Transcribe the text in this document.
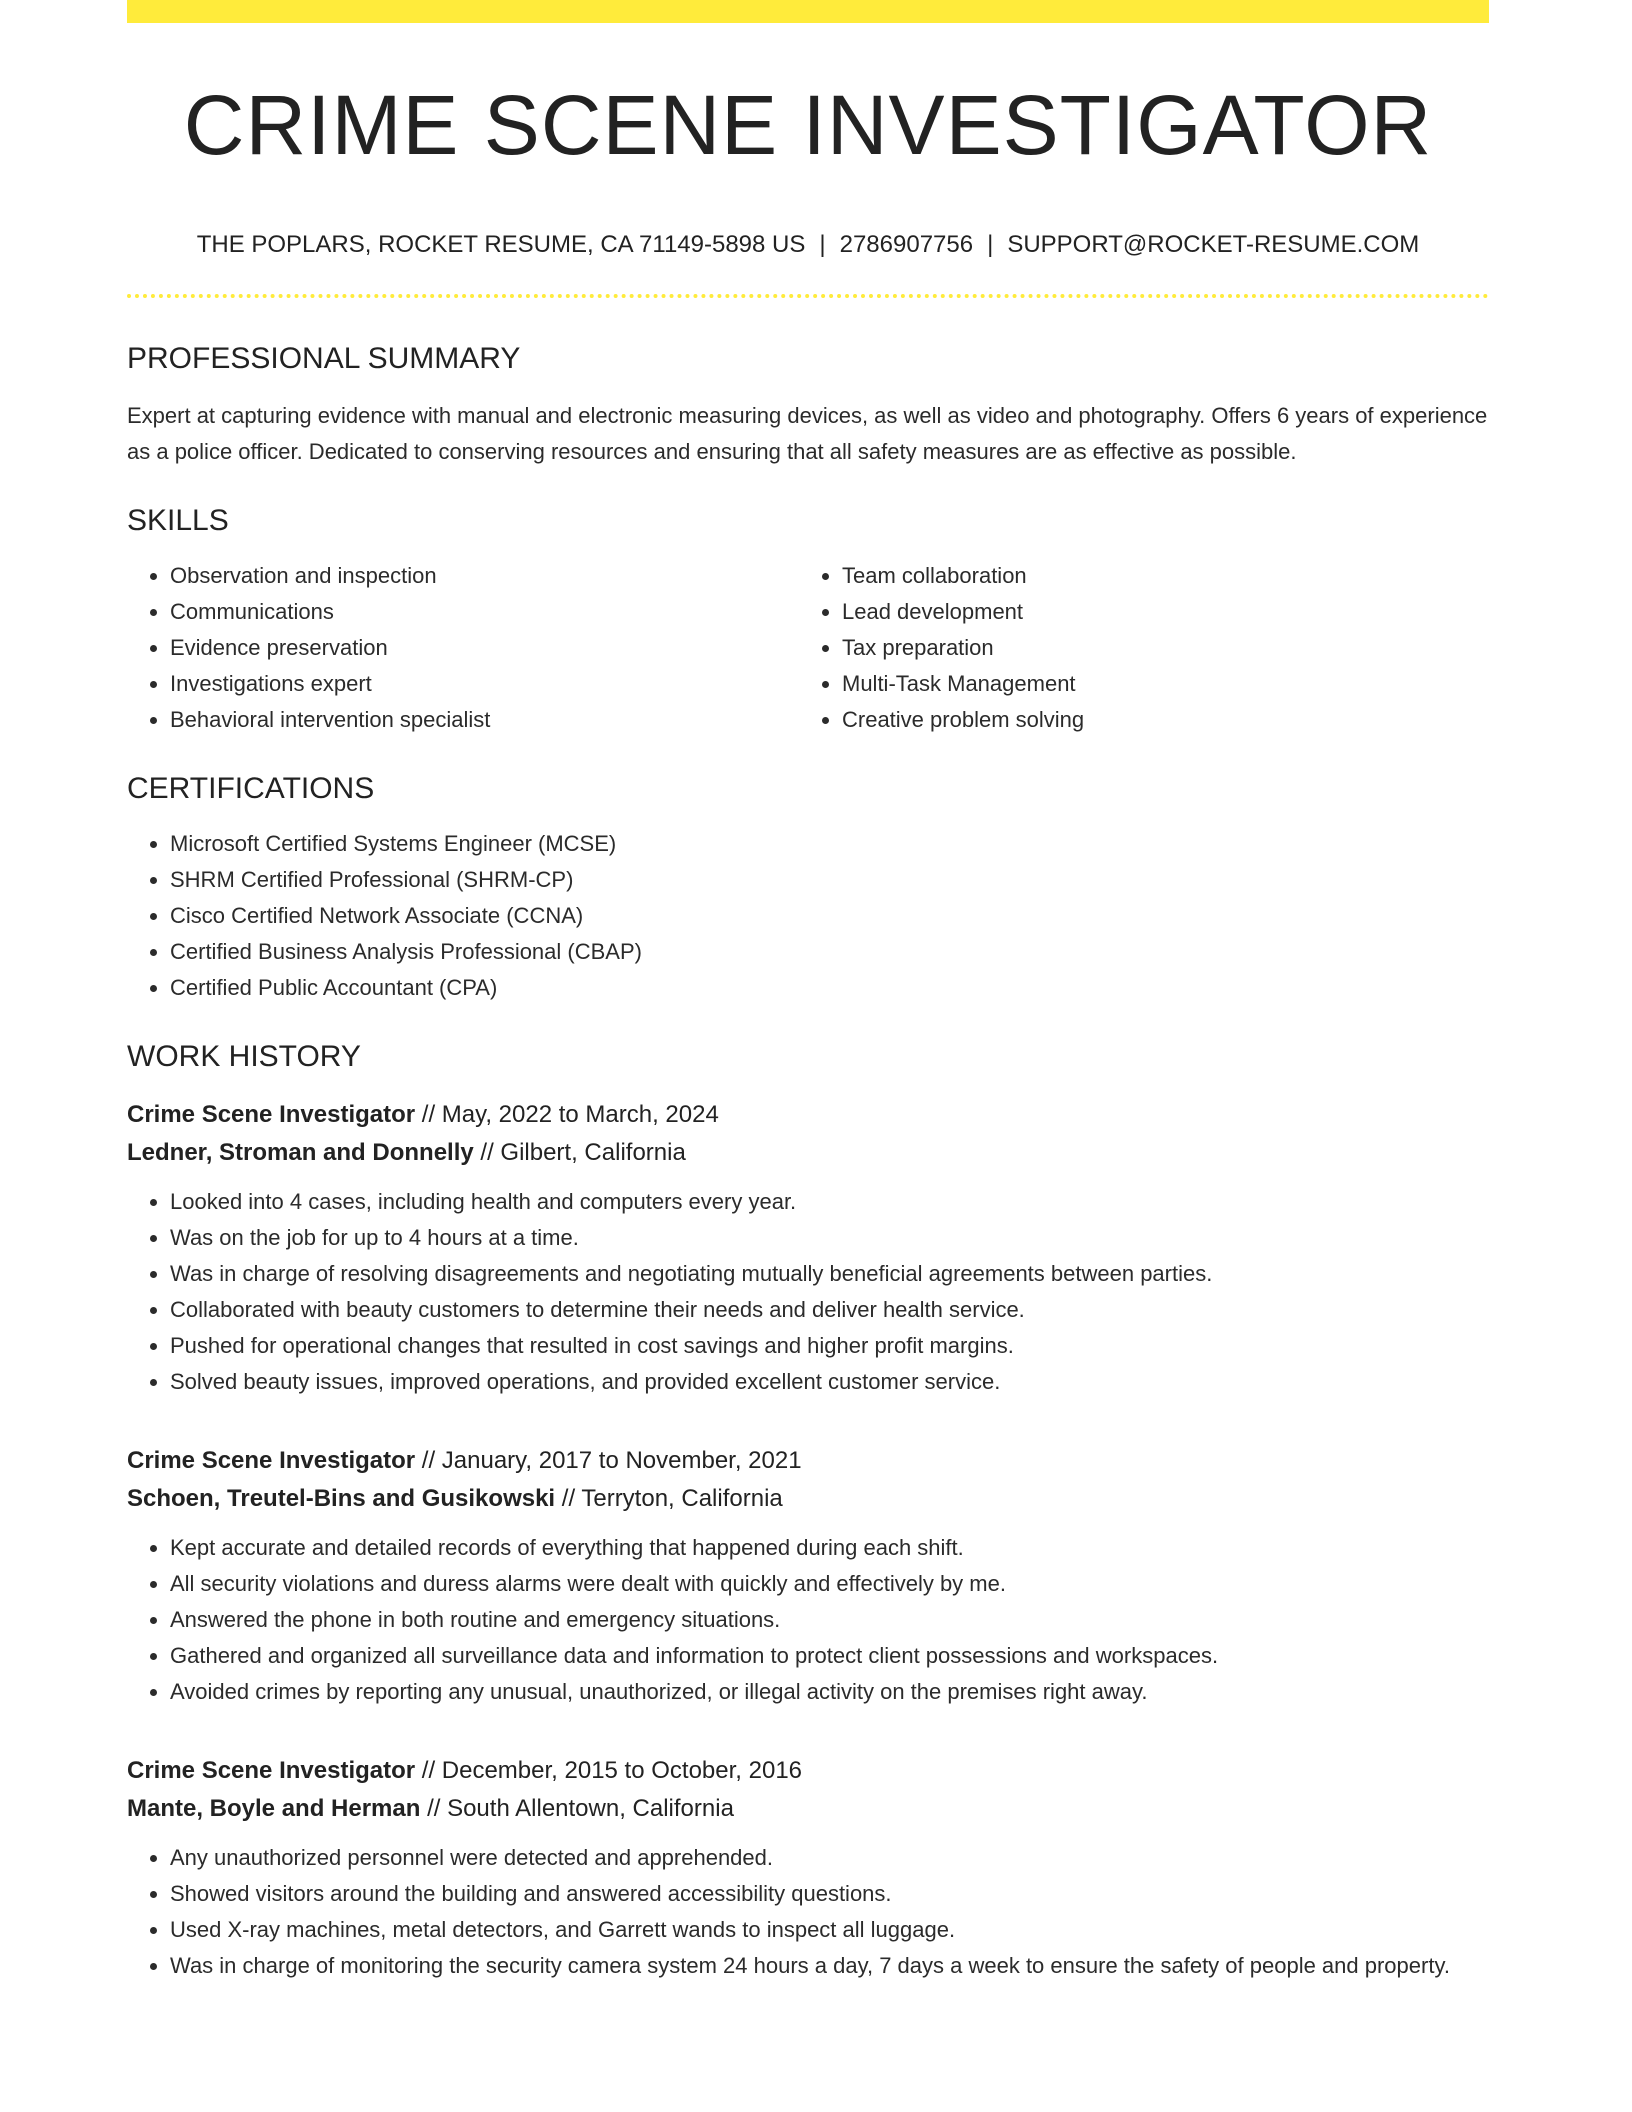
CRIME SCENE INVESTIGATOR
THE POPLARS, ROCKET RESUME, CA 71149-5898 US | 2786907756 | SUPPORT@ROCKET-RESUME.COM
PROFESSIONAL SUMMARY

Expert at capturing evidence with manual and electronic measuring devices, as well as video and photography. Offers 6 years of experience as a police officer. Dedicated to conserving resources and ensuring that all safety measures are as effective as possible.

SKILLS
• Observation and inspection
• Communications
• Evidence preservation
• Investigations expert
• Behavioral intervention specialist
• Team collaboration
• Lead development
• Tax preparation
• Multi-Task Management
• Creative problem solving
CERTIFICATIONS
• Microsoft Certified Systems Engineer (MCSE)
• SHRM Certified Professional (SHRM-CP)
• Cisco Certified Network Associate (CCNA)
• Certified Business Analysis Professional (CBAP)
• Certified Public Accountant (CPA)
WORK HISTORY
Crime Scene Investigator // May, 2022 to March, 2024
Ledner, Stroman and Donnelly // Gilbert, California
• Looked into 4 cases, including health and computers every year.
• Was on the job for up to 4 hours at a time.
• Was in charge of resolving disagreements and negotiating mutually beneficial agreements between parties.
• Collaborated with beauty customers to determine their needs and deliver health service.
• Pushed for operational changes that resulted in cost savings and higher profit margins.
• Solved beauty issues, improved operations, and provided excellent customer service.
Crime Scene Investigator // January, 2017 to November, 2021
Schoen, Treutel-Bins and Gusikowski // Terryton, California
• Kept accurate and detailed records of everything that happened during each shift.
• All security violations and duress alarms were dealt with quickly and effectively by me.
• Answered the phone in both routine and emergency situations.
• Gathered and organized all surveillance data and information to protect client possessions and workspaces.
• Avoided crimes by reporting any unusual, unauthorized, or illegal activity on the premises right away.
Crime Scene Investigator // December, 2015 to October, 2016
Mante, Boyle and Herman // South Allentown, California
• Any unauthorized personnel were detected and apprehended.
• Showed visitors around the building and answered accessibility questions.
• Used X-ray machines, metal detectors, and Garrett wands to inspect all luggage.
• Was in charge of monitoring the security camera system 24 hours a day, 7 days a week to ensure the safety of people and property.
